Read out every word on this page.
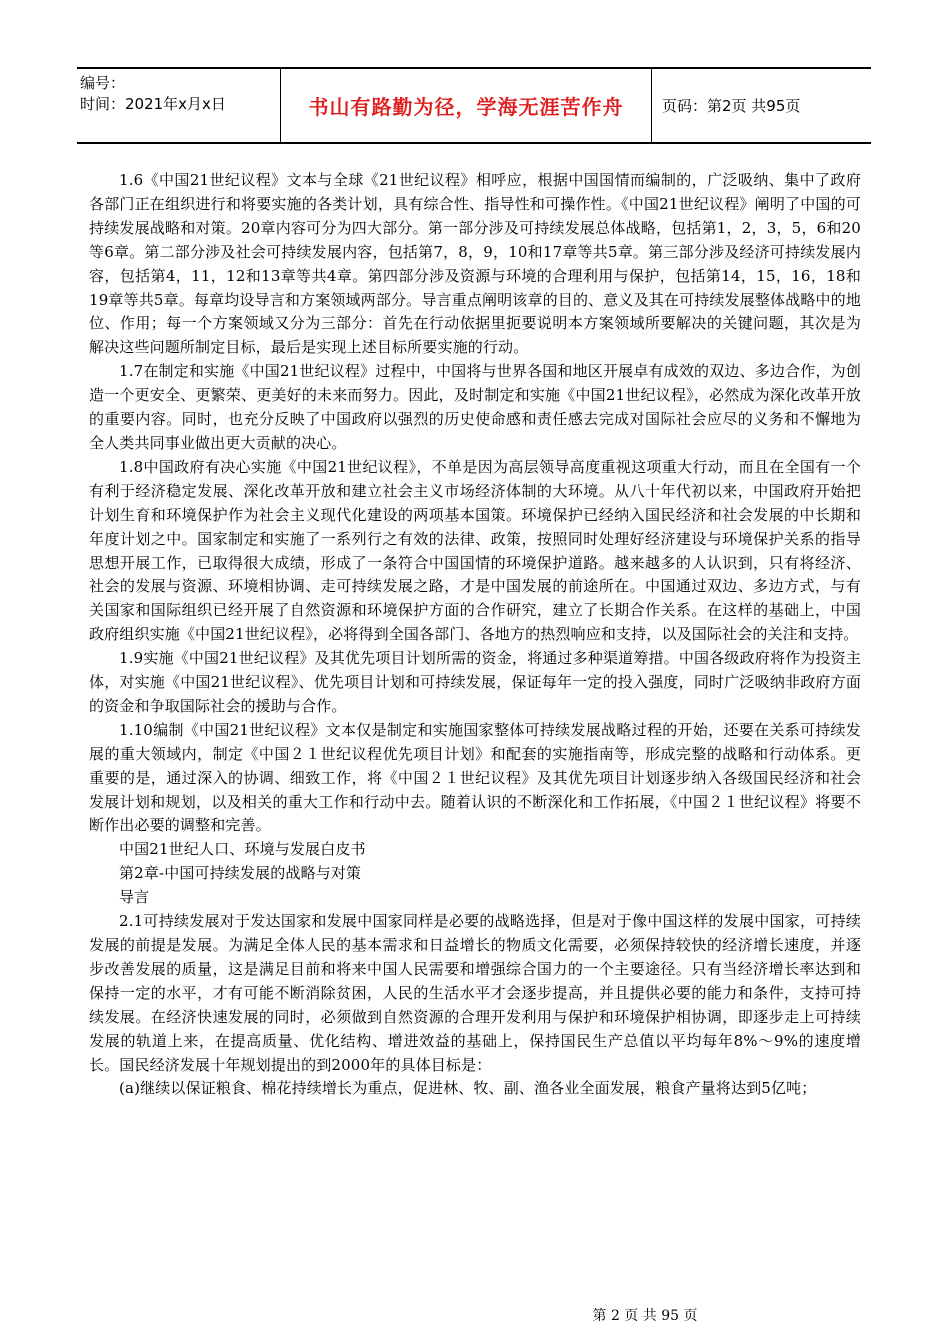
编号：
时间：2021年x月x日	书山有路勤为径，学海无涯苦作舟	页码：第2页 共95页

1.6《中国21世纪议程》文本与全球《21世纪议程》相呼应，根据中国国情而编制的，广泛吸纳、集中了政府各部门正在组织进行和将要实施的各类计划，具有综合性、指导性和可操作性。《中国21世纪议程》阐明了中国的可持续发展战略和对策。20章内容可分为四大部分。第一部分涉及可持续发展总体战略，包括第1，2，3，5，6和20等6章。第二部分涉及社会可持续发展内容，包括第7，8，9，10和17章等共5章。第三部分涉及经济可持续发展内容，包括第4，11，12和13章等共4章。第四部分涉及资源与环境的合理利用与保护，包括第14，15，16，18和19章等共5章。每章均设导言和方案领域两部分。导言重点阐明该章的目的、意义及其在可持续发展整体战略中的地位、作用；每一个方案领域又分为三部分：首先在行动依据里扼要说明本方案领域所要解决的关键问题，其次是为解决这些问题所制定目标，最后是实现上述目标所要实施的行动。

1.7在制定和实施《中国21世纪议程》过程中，中国将与世界各国和地区开展卓有成效的双边、多边合作，为创造一个更安全、更繁荣、更美好的未来而努力。因此，及时制定和实施《中国21世纪议程》，必然成为深化改革开放的重要内容。同时，也充分反映了中国政府以强烈的历史使命感和责任感去完成对国际社会应尽的义务和不懈地为全人类共同事业做出更大贡献的决心。

1.8中国政府有决心实施《中国21世纪议程》，不单是因为高层领导高度重视这项重大行动，而且在全国有一个有利于经济稳定发展、深化改革开放和建立社会主义市场经济体制的大环境。从八十年代初以来，中国政府开始把计划生育和环境保护作为社会主义现代化建设的两项基本国策。环境保护已经纳入国民经济和社会发展的中长期和年度计划之中。国家制定和实施了一系列行之有效的法律、政策，按照同时处理好经济建设与环境保护关系的指导思想开展工作，已取得很大成绩，形成了一条符合中国国情的环境保护道路。越来越多的人认识到，只有将经济、社会的发展与资源、环境相协调、走可持续发展之路，才是中国发展的前途所在。中国通过双边、多边方式，与有关国家和国际组织已经开展了自然资源和环境保护方面的合作研究，建立了长期合作关系。在这样的基础上，中国政府组织实施《中国21世纪议程》，必将得到全国各部门、各地方的热烈响应和支持，以及国际社会的关注和支持。

1.9实施《中国21世纪议程》及其优先项目计划所需的资金，将通过多种渠道筹措。中国各级政府将作为投资主体，对实施《中国21世纪议程》、优先项目计划和可持续发展，保证每年一定的投入强度，同时广泛吸纳非政府方面的资金和争取国际社会的援助与合作。

1.10编制《中国21世纪议程》文本仅是制定和实施国家整体可持续发展战略过程的开始，还要在关系可持续发展的重大领域内，制定《中国２１世纪议程优先项目计划》和配套的实施指南等，形成完整的战略和行动体系。更重要的是，通过深入的协调、细致工作，将《中国２１世纪议程》及其优先项目计划逐步纳入各级国民经济和社会发展计划和规划，以及相关的重大工作和行动中去。随着认识的不断深化和工作拓展，《中国２１世纪议程》将要不断作出必要的调整和完善。

中国21世纪人口、环境与发展白皮书

第2章-中国可持续发展的战略与对策

导言

2.1可持续发展对于发达国家和发展中国家同样是必要的战略选择，但是对于像中国这样的发展中国家，可持续发展的前提是发展。为满足全体人民的基本需求和日益增长的物质文化需要，必须保持较快的经济增长速度，并逐步改善发展的质量，这是满足目前和将来中国人民需要和增强综合国力的一个主要途径。只有当经济增长率达到和保持一定的水平，才有可能不断消除贫困，人民的生活水平才会逐步提高，并且提供必要的能力和条件，支持可持续发展。在经济快速发展的同时，必须做到自然资源的合理开发利用与保护和环境保护相协调，即逐步走上可持续发展的轨道上来，在提高质量、优化结构、增进效益的基础上，保持国民生产总值以平均每年8%～9%的速度增长。国民经济发展十年规划提出的到2000年的具体目标是：

(a)继续以保证粮食、棉花持续增长为重点，促进林、牧、副、渔各业全面发展，粮食产量将达到5亿吨；

第 2 页 共 95 页
